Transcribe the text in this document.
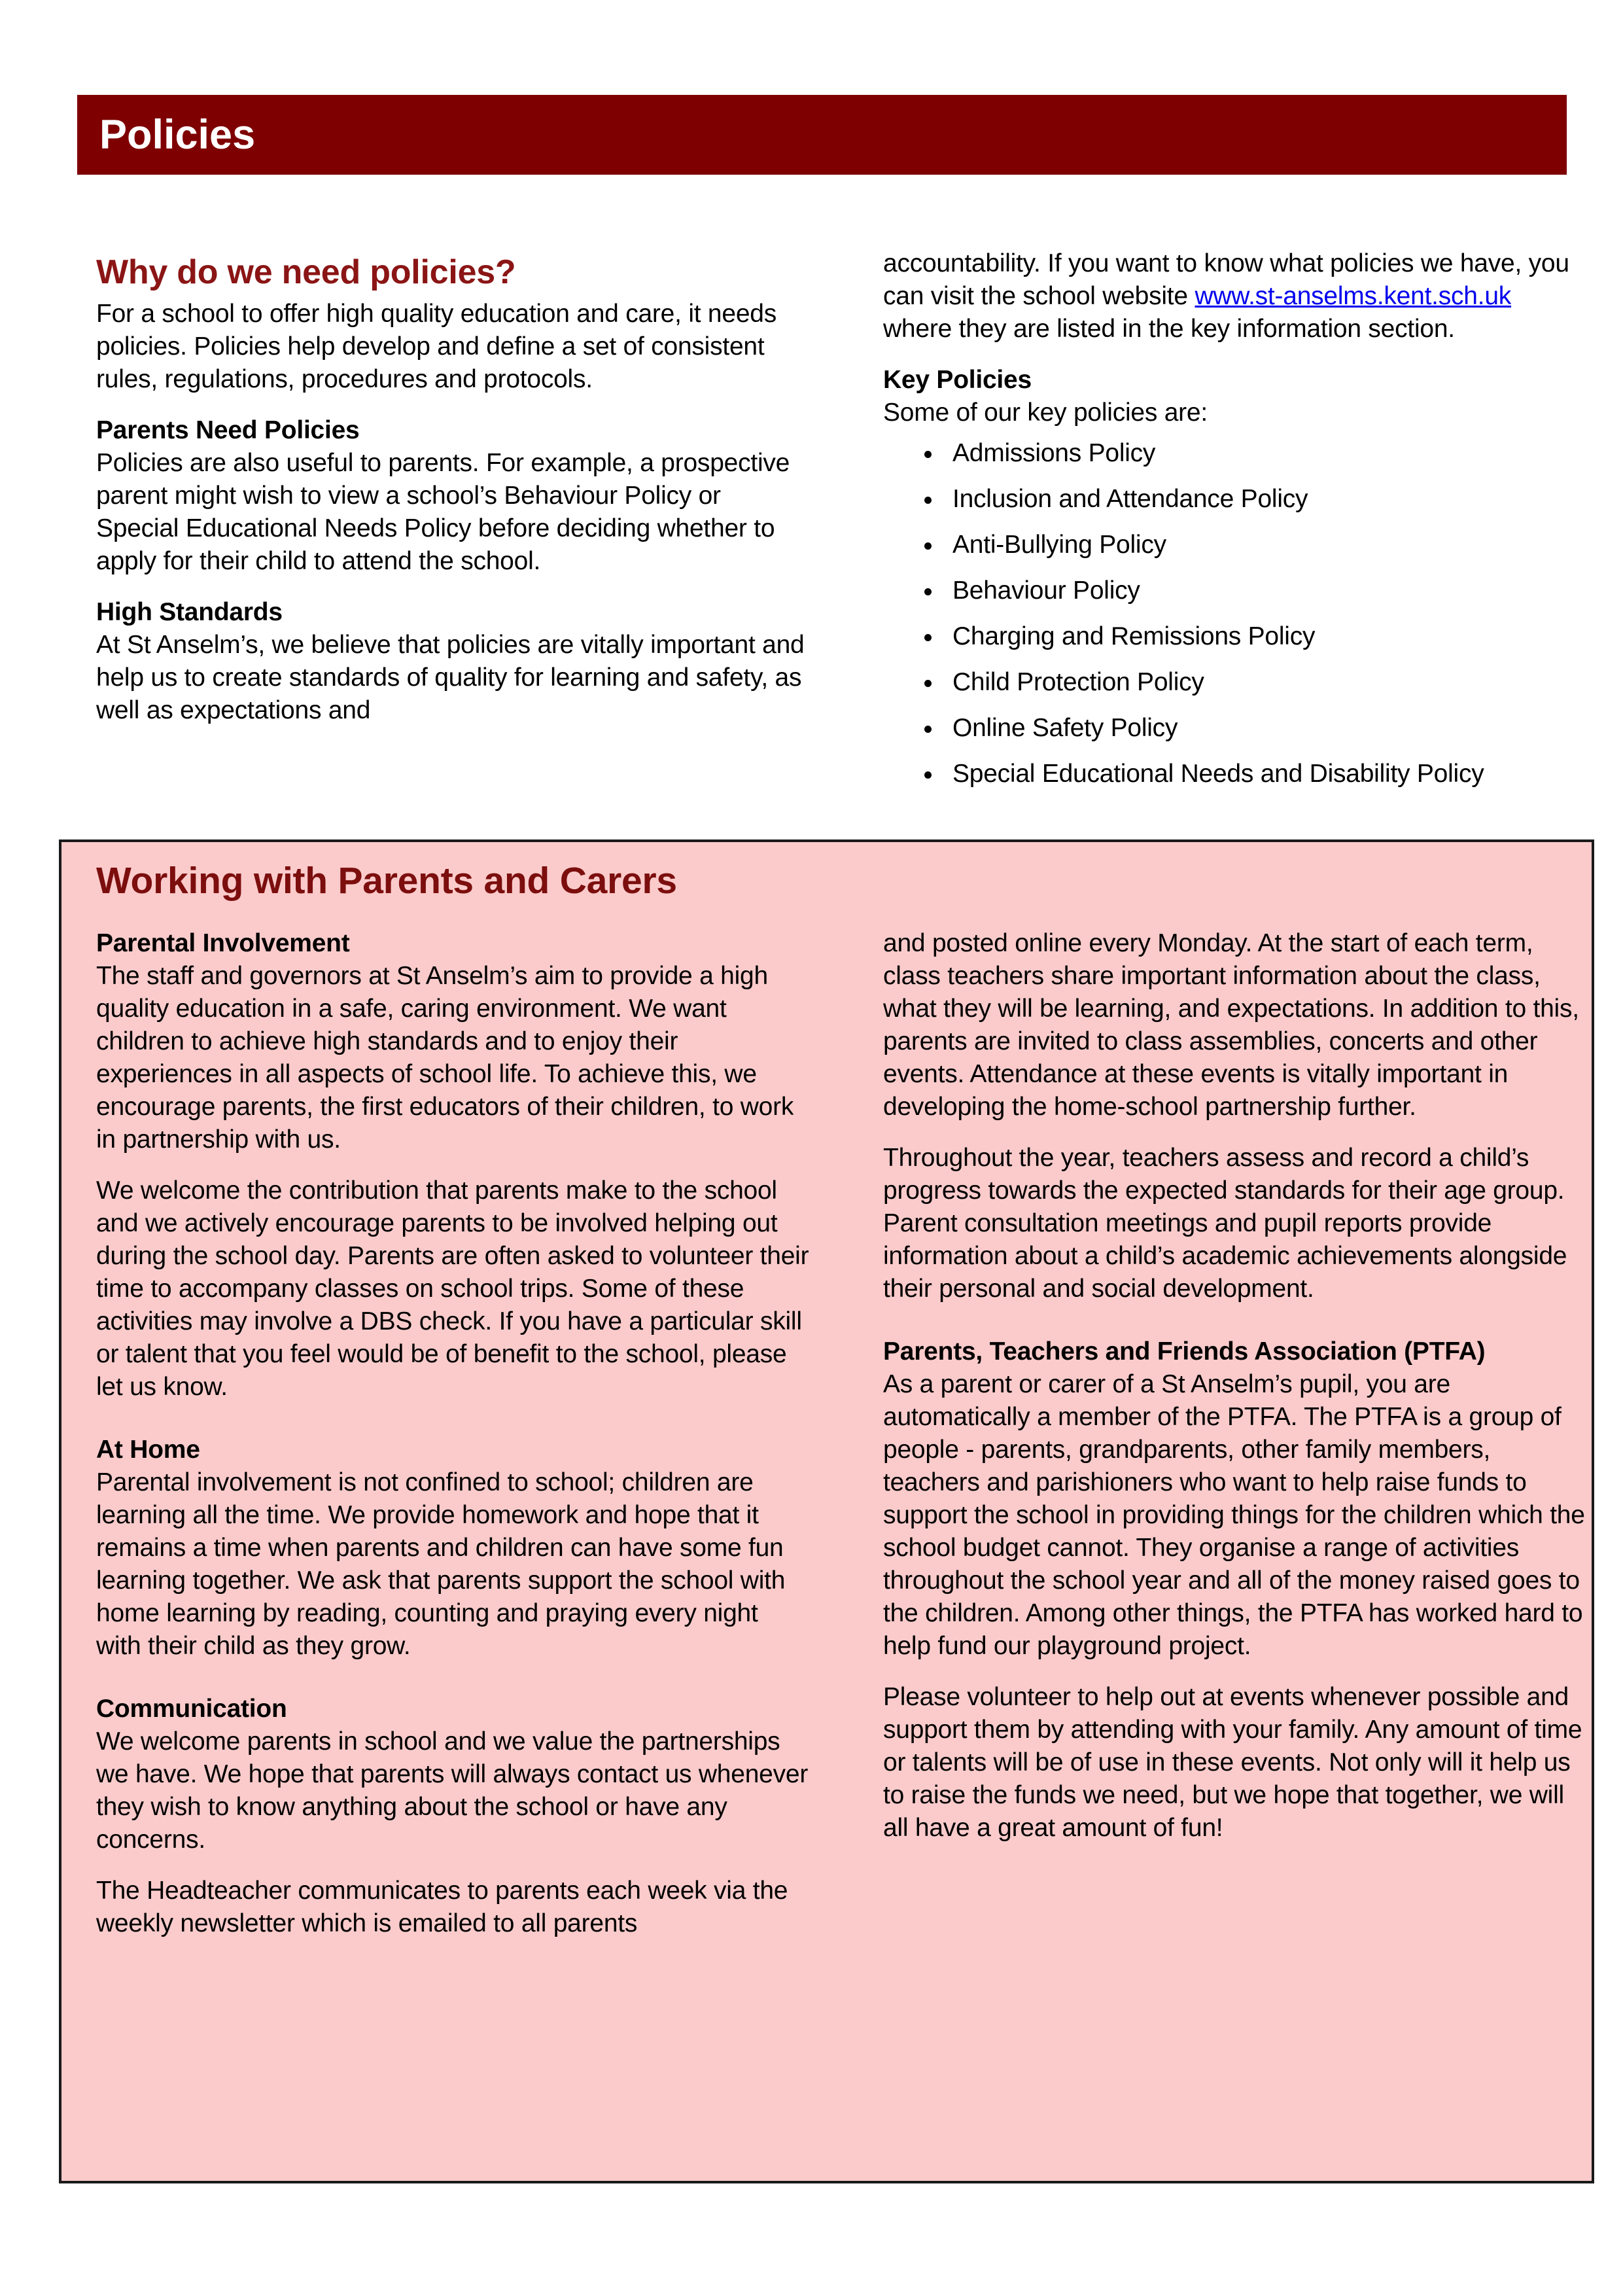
Policies
Why do we need policies?

For a school to offer high quality education and care, it needs policies. Policies help develop and define a set of consistent rules, regulations, procedures and protocols.

Parents Need Policies

Policies are also useful to parents. For example, a prospective parent might wish to view a school’s Behaviour Policy or Special Educational Needs Policy before deciding whether to apply for their child to attend the school.

High Standards

At St Anselm’s, we believe that policies are vitally important and help us to create standards of quality for learning and safety, as well as expectations and

accountability. If you want to know what policies we have, you can visit the school website www.st-anselms.kent.sch.uk where they are listed in the key information section.

Key Policies

Some of our key policies are:

• Admissions Policy
• Inclusion and Attendance Policy
• Anti-Bullying Policy
• Behaviour Policy
• Charging and Remissions Policy
• Child Protection Policy
• Online Safety Policy
• Special Educational Needs and Disability Policy
Working with Parents and Carers
Parental Involvement

The staff and governors at St Anselm’s aim to provide a high quality education in a safe, caring environment. We want children to achieve high standards and to enjoy their experiences in all aspects of school life. To achieve this, we encourage parents, the first educators of their children, to work in partnership with us.

We welcome the contribution that parents make to the school and we actively encourage parents to be involved helping out during the school day. Parents are often asked to volunteer their time to accompany classes on school trips. Some of these activities may involve a DBS check. If you have a particular skill or talent that you feel would be of benefit to the school, please let us know.

At Home

Parental involvement is not confined to school; children are learning all the time. We provide homework and hope that it remains a time when parents and children can have some fun learning together. We ask that parents support the school with home learning by reading, counting and praying every night with their child as they grow.

Communication

We welcome parents in school and we value the partnerships we have. We hope that parents will always contact us whenever they wish to know anything about the school or have any concerns.

The Headteacher communicates to parents each week via the weekly newsletter which is emailed to all parents

and posted online every Monday. At the start of each term, class teachers share important information about the class, what they will be learning, and expectations. In addition to this, parents are invited to class assemblies, concerts and other events. Attendance at these events is vitally important in developing the home-school partnership further.

Throughout the year, teachers assess and record a child’s progress towards the expected standards for their age group. Parent consultation meetings and pupil reports provide information about a child’s academic achievements alongside their personal and social development.

Parents, Teachers and Friends Association (PTFA)

As a parent or carer of a St Anselm’s pupil, you are automatically a member of the PTFA. The PTFA is a group of people - parents, grandparents, other family members, teachers and parishioners who want to help raise funds to support the school in providing things for the children which the school budget cannot. They organise a range of activities throughout the school year and all of the money raised goes to the children. Among other things, the PTFA has worked hard to help fund our playground project.

Please volunteer to help out at events whenever possible and support them by attending with your family. Any amount of time or talents will be of use in these events. Not only will it help us to raise the funds we need, but we hope that together, we will all have a great amount of fun!
